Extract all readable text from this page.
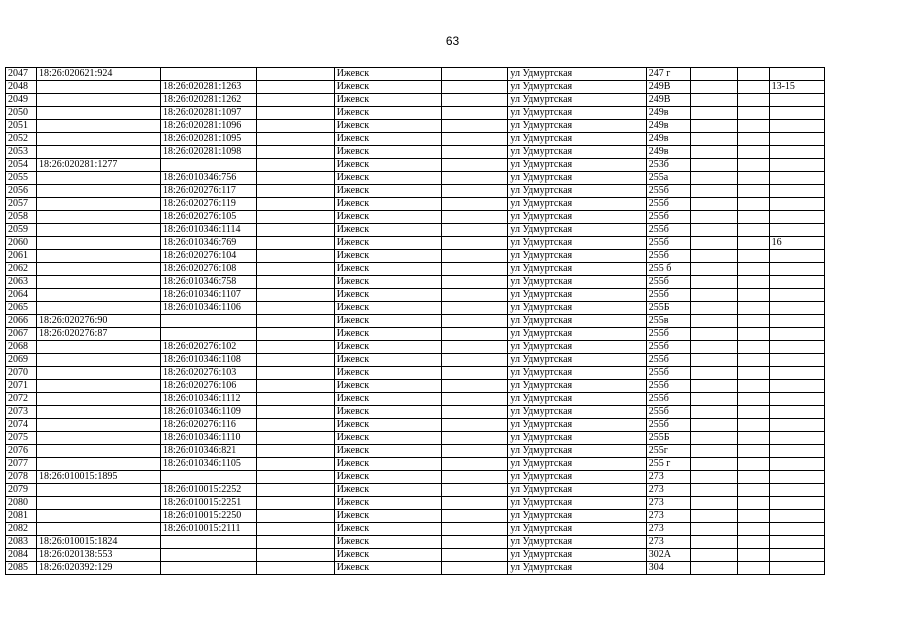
63
2047	18:26:020621:924			Ижевск		ул Удмуртская	247 г			
2048		18:26:020281:1263		Ижевск		ул Удмуртская	249В			13-15
2049		18:26:020281:1262		Ижевск		ул Удмуртская	249В			
2050		18:26:020281:1097		Ижевск		ул Удмуртская	249в			
2051		18:26:020281:1096		Ижевск		ул Удмуртская	249в			
2052		18:26:020281:1095		Ижевск		ул Удмуртская	249в			
2053		18:26:020281:1098		Ижевск		ул Удмуртская	249в			
2054	18:26:020281:1277			Ижевск		ул Удмуртская	253б			
2055		18:26:010346:756		Ижевск		ул Удмуртская	255а			
2056		18:26:020276:117		Ижевск		ул Удмуртская	255б			
2057		18:26:020276:119		Ижевск		ул Удмуртская	255б			
2058		18:26:020276:105		Ижевск		ул Удмуртская	255б			
2059		18:26:010346:1114		Ижевск		ул Удмуртская	255б			
2060		18:26:010346:769		Ижевск		ул Удмуртская	255б			16
2061		18:26:020276:104		Ижевск		ул Удмуртская	255б			
2062		18:26:020276:108		Ижевск		ул Удмуртская	255 б			
2063		18:26:010346:758		Ижевск		ул Удмуртская	255б			
2064		18:26:010346:1107		Ижевск		ул Удмуртская	255б			
2065		18:26:010346:1106		Ижевск		ул Удмуртская	255Б			
2066	18:26:020276:90			Ижевск		ул Удмуртская	255в			
2067	18:26:020276:87			Ижевск		ул Удмуртская	255б			
2068		18:26:020276:102		Ижевск		ул Удмуртская	255б			
2069		18:26:010346:1108		Ижевск		ул Удмуртская	255б			
2070		18:26:020276:103		Ижевск		ул Удмуртская	255б			
2071		18:26:020276:106		Ижевск		ул Удмуртская	255б			
2072		18:26:010346:1112		Ижевск		ул Удмуртская	255б			
2073		18:26:010346:1109		Ижевск		ул Удмуртская	255б			
2074		18:26:020276:116		Ижевск		ул Удмуртская	255б			
2075		18:26:010346:1110		Ижевск		ул Удмуртская	255Б			
2076		18:26:010346:821		Ижевск		ул Удмуртская	255г			
2077		18:26:010346:1105		Ижевск		ул Удмуртская	255 г			
2078	18:26:010015:1895			Ижевск		ул Удмуртская	273			
2079		18:26:010015:2252		Ижевск		ул Удмуртская	273			
2080		18:26:010015:2251		Ижевск		ул Удмуртская	273			
2081		18:26:010015:2250		Ижевск		ул Удмуртская	273			
2082		18:26:010015:2111		Ижевск		ул Удмуртская	273			
2083	18:26:010015:1824			Ижевск		ул Удмуртская	273			
2084	18:26:020138:553			Ижевск		ул Удмуртская	302А			
2085	18:26:020392:129			Ижевск		ул Удмуртская	304			
